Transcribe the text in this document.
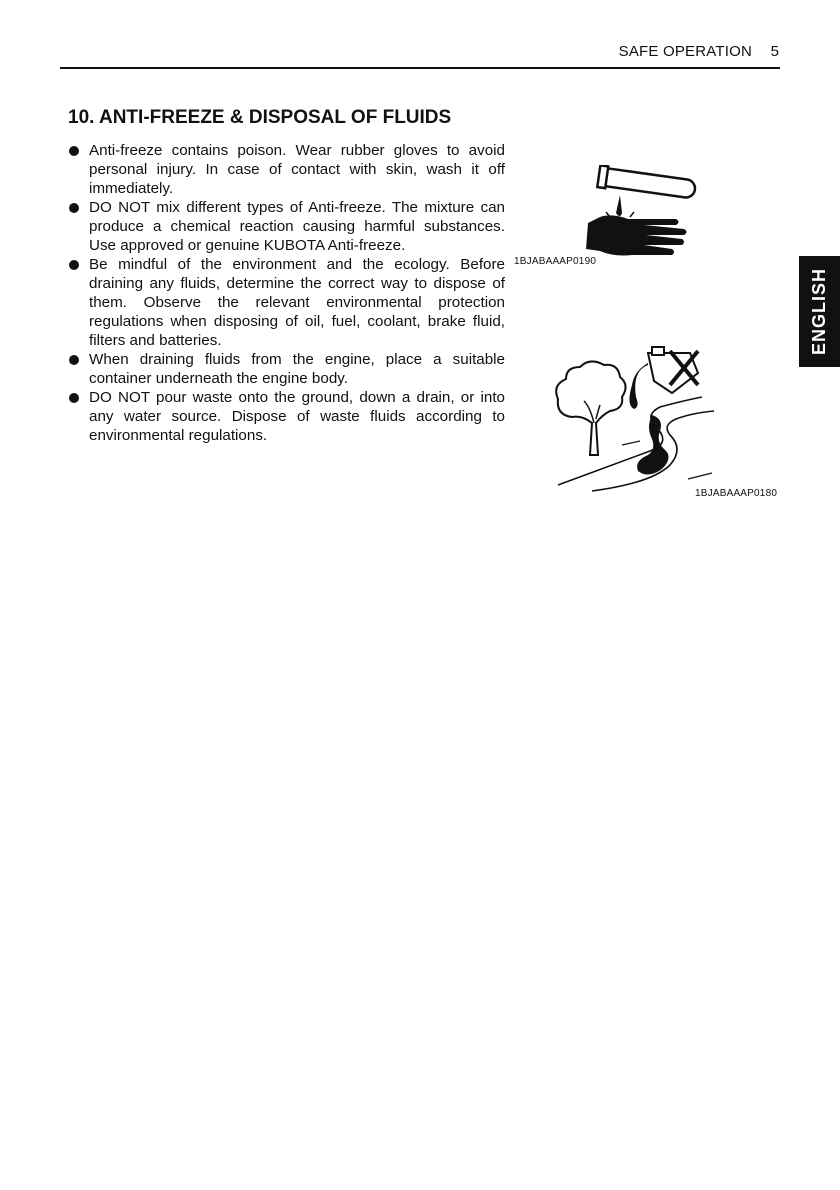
SAFE OPERATION 5
10. ANTI-FREEZE & DISPOSAL OF FLUIDS
Anti-freeze contains poison. Wear rubber gloves to avoid personal injury. In case of contact with skin, wash it off immediately.
DO NOT mix different types of Anti-freeze. The mixture can produce a chemical reaction causing harmful substances. Use approved or genuine KUBOTA Anti-freeze.
Be mindful of the environment and the ecology. Before draining any fluids, determine the correct way to dispose of them. Observe the relevant environmental protection regulations when disposing of oil, fuel, coolant, brake fluid, filters and batteries.
When draining fluids from the engine, place a suitable container underneath the engine body.
DO NOT pour waste onto the ground, down a drain, or into any water source. Dispose of waste fluids according to environmental regulations.
1BJABAAAP0190
1BJABAAAP0180
ENGLISH
